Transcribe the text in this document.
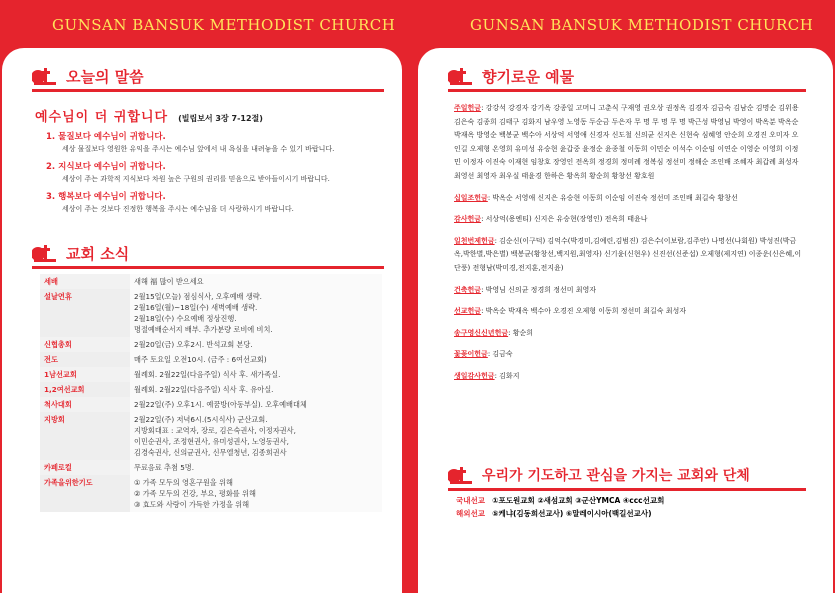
GUNSAN BANSUK METHODIST CHURCH	GUNSAN BANSUK METHODIST CHURCH
오늘의 말씀
예수님이 더 귀합니다 (빌립보서 3장 7-12절)
1. 물질보다 예수님이 귀합니다.
세상 물질보다 영원한 유익을 주시는 예수님 앞에서 내 욕심을 내려놓을 수 있기 바랍니다.
2. 지식보다 예수님이 귀합니다.
세상이 주는 과학적 지식보다 차원 높은 구원의 권리를 믿음으로 받아들이시기 바랍니다.
3. 행복보다 예수님이 귀합니다.
세상이 주는 것보다 진정한 행복을 주시는 예수님을 더 사랑하시기 바랍니다.
교회 소식
세배	새해 福 많이 받으세요

설날연휴	2월15일(오늘) 점심식사, 오후예배 생략.
2월16일(월)~18일(수) 새벽예배 생략.
2월18일(수) 수요예배 정상진행.
명절예배순서지 배부. 추가분량 로비에 비치.

신협총회	2월20일(금) 오후2시. 반석교회 본당.

전도	매주 토요일 오전10시. (금주 : 6여선교회)

1남선교회	월례회. 2월22일(다음주일) 식사 후. 새가족실.

1,2여선교회	월례회. 2월22일(다음주일) 식사 후. 유아실.

척사대회	2월22일(주) 오후1시. 예꿈방(아동부실). 오후예배대체

지방회	2월22일(주) 저녁6시.(5시식사) 군산교회.
지방회대표 : 교역자, 장로, 김은숙권사, 이정자권사,
이민순권사, 조정현권사, 유미성권사, 노영동권사,
김경숙권사, 신의균권사, 신무엘청년, 김종희권사

카페로컬	무료음료 추첨 5명.

가족을위한기도	① 가족 모두의 영혼구원을 위해
② 가족 모두의 건강, 부요, 평화를 위해
③ 효도와 사랑이 가득한 가정을 위해
향기로운 예물

주일헌금: 강강석 강경자 강기옥 강종일 고머니 고춘식 구재영 권오상 권정옥 김경자 김금숙 김남순 김명순 김위용 김은숙 김종희 김태구 김화지 남우영 노영동 두순금 두은자 무 명 무 명 무 명 박근성 박영님 박영이 박옥분 박옥순 박재옥 방영순 백봉균 백수아 서상억 서영애 신경자 신도철 신의균 신지은 신현숙 심혜영 안순희 오경진 오미자 오인길 오제형 온영희 유미성 유승현 윤갑중 윤정순 윤종철 이동희 이민순 이석수 이순임 이연순 이영순 이영희 이정민 이정자 이진숙 이재현 임창호 장영인 전옥희 정경희 정미례 정복심 정선미 정해순 조인배 조혜자 최갑례 최성자 최영선 최영자 최우실 태윤경 한하은 황옥희 황순희 황창선 황호원

십일조헌금: 박옥순 서영애 신지은 유승현 이동희 이순임 이진숙 정선미 조인배 최길숙 황창선

감사헌금: 서상억(용엔티) 신지은 유승현(장영인) 전옥희 태윤나

일천번제헌금: 김순신(이구덕) 김억수(박경미,김예린,김범진) 김은수(이보람,김주안) 나명선(나회원) 박성진(박금옥,박한별,박은별) 백봉균(황창선,백지원,최영자) 신기윤(신현우) 신진선(신준섭) 오제형(제지연) 이종운(신은혜,이단풍) 전형남(박미경,전지훈,전지윤)

건축헌금: 박영님 신의균 정경희 정선미 최영자

선교헌금: 박옥순 박재옥 백수아 오경진 오제형 이동희 정선미 최길숙 최성자

송구영신신년헌금: 황순희

꽃꽂이헌금: 김금숙

생일감사헌금: 김화지

우리가 기도하고 관심을 가지는 교회와 단체
국내선교 ①포도원교회 ②새섬교회 ③군산YMCA ④ccc선교회
해외선교 ⑤케냐(김동희선교사) ⑥말레이시아(백길선교사)
